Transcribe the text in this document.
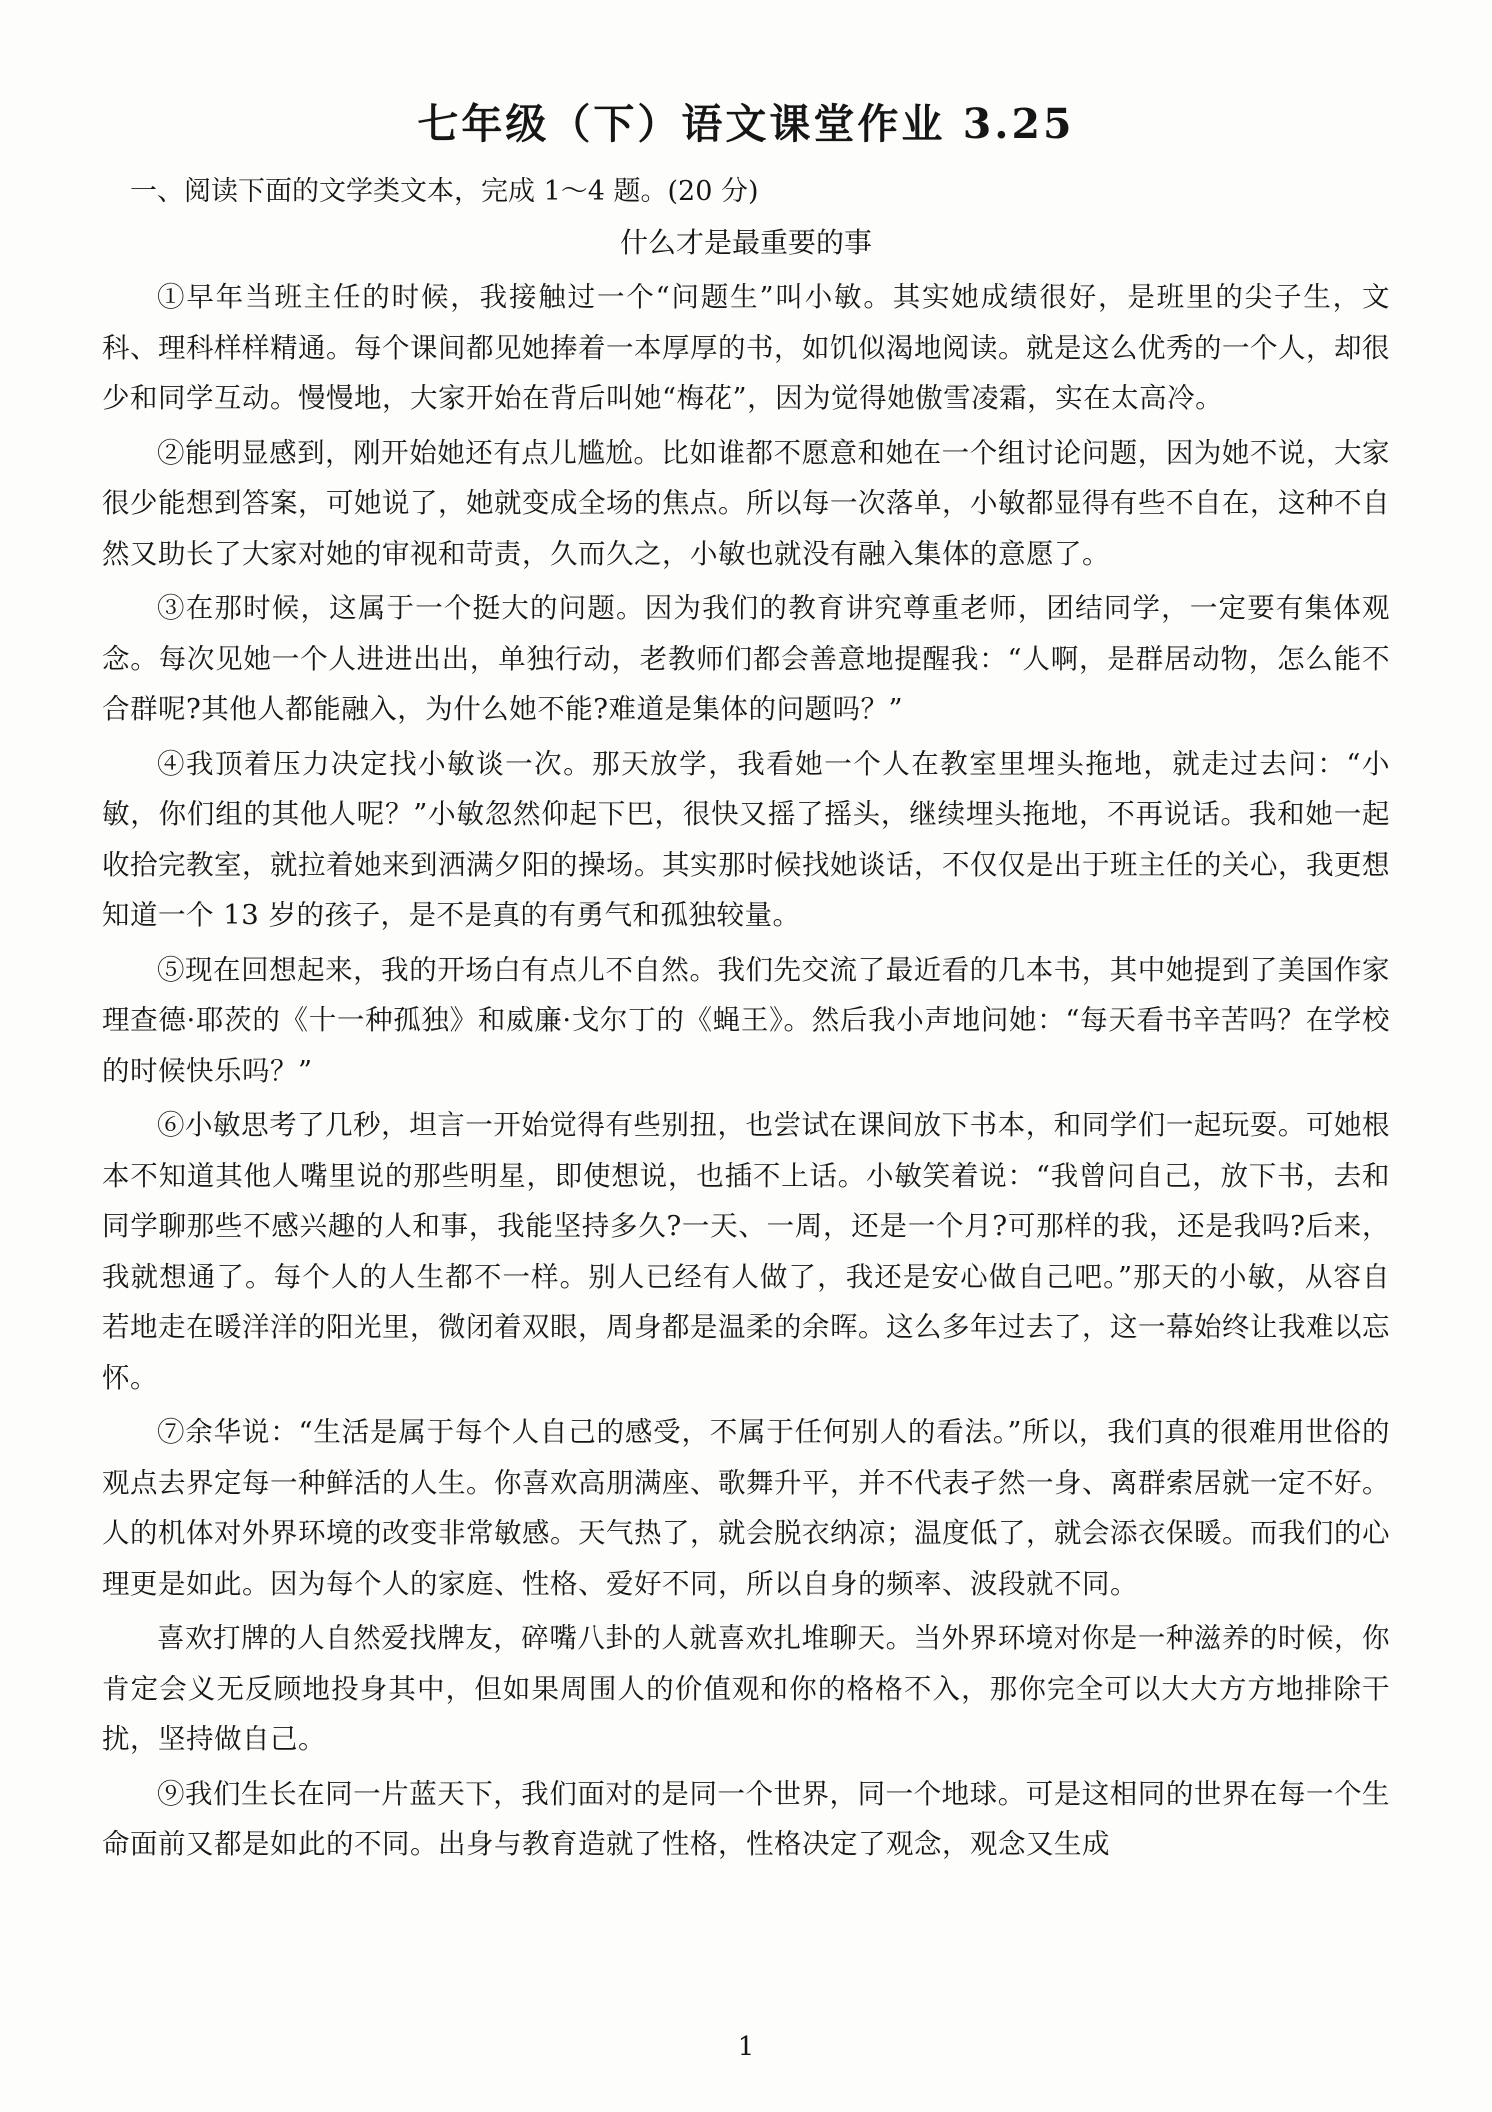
七年级（下）语文课堂作业 3.25
一、阅读下面的文学类文本，完成 1～4 题。(20 分)
什么才是最重要的事

①早年当班主任的时候，我接触过一个“问题生”叫小敏。其实她成绩很好，是班里的尖子生，文科、理科样样精通。每个课间都见她捧着一本厚厚的书，如饥似渴地阅读。就是这么优秀的一个人，却很少和同学互动。慢慢地，大家开始在背后叫她“梅花”，因为觉得她傲雪凌霜，实在太高冷。

②能明显感到，刚开始她还有点儿尴尬。比如谁都不愿意和她在一个组讨论问题，因为她不说，大家很少能想到答案，可她说了，她就变成全场的焦点。所以每一次落单，小敏都显得有些不自在，这种不自然又助长了大家对她的审视和苛责，久而久之，小敏也就没有融入集体的意愿了。

③在那时候，这属于一个挺大的问题。因为我们的教育讲究尊重老师，团结同学，一定要有集体观念。每次见她一个人进进出出，单独行动，老教师们都会善意地提醒我：“人啊，是群居动物，怎么能不合群呢?其他人都能融入，为什么她不能?难道是集体的问题吗？”

④我顶着压力决定找小敏谈一次。那天放学，我看她一个人在教室里埋头拖地，就走过去问：“小敏，你们组的其他人呢？”小敏忽然仰起下巴，很快又摇了摇头，继续埋头拖地，不再说话。我和她一起收拾完教室，就拉着她来到洒满夕阳的操场。其实那时候找她谈话，不仅仅是出于班主任的关心，我更想知道一个 13 岁的孩子，是不是真的有勇气和孤独较量。

⑤现在回想起来，我的开场白有点儿不自然。我们先交流了最近看的几本书，其中她提到了美国作家理查德·耶茨的《十一种孤独》和威廉·戈尔丁的《蝇王》。然后我小声地问她：“每天看书辛苦吗？在学校的时候快乐吗？”

⑥小敏思考了几秒，坦言一开始觉得有些别扭，也尝试在课间放下书本，和同学们一起玩耍。可她根本不知道其他人嘴里说的那些明星，即使想说，也插不上话。小敏笑着说：“我曾问自己，放下书，去和同学聊那些不感兴趣的人和事，我能坚持多久?一天、一周，还是一个月?可那样的我，还是我吗?后来，我就想通了。每个人的人生都不一样。别人已经有人做了，我还是安心做自己吧。”那天的小敏，从容自若地走在暖洋洋的阳光里，微闭着双眼，周身都是温柔的余晖。这么多年过去了，这一幕始终让我难以忘怀。

⑦余华说：“生活是属于每个人自己的感受，不属于任何别人的看法。”所以，我们真的很难用世俗的观点去界定每一种鲜活的人生。你喜欢高朋满座、歌舞升平，并不代表孑然一身、离群索居就一定不好。人的机体对外界环境的改变非常敏感。天气热了，就会脱衣纳凉；温度低了，就会添衣保暖。而我们的心理更是如此。因为每个人的家庭、性格、爱好不同，所以自身的频率、波段就不同。

喜欢打牌的人自然爱找牌友，碎嘴八卦的人就喜欢扎堆聊天。当外界环境对你是一种滋养的时候，你肯定会义无反顾地投身其中，但如果周围人的价值观和你的格格不入，那你完全可以大大方方地排除干扰，坚持做自己。

⑨我们生长在同一片蓝天下，我们面对的是同一个世界，同一个地球。可是这相同的世界在每一个生命面前又都是如此的不同。出身与教育造就了性格，性格决定了观念，观念又生成

1
